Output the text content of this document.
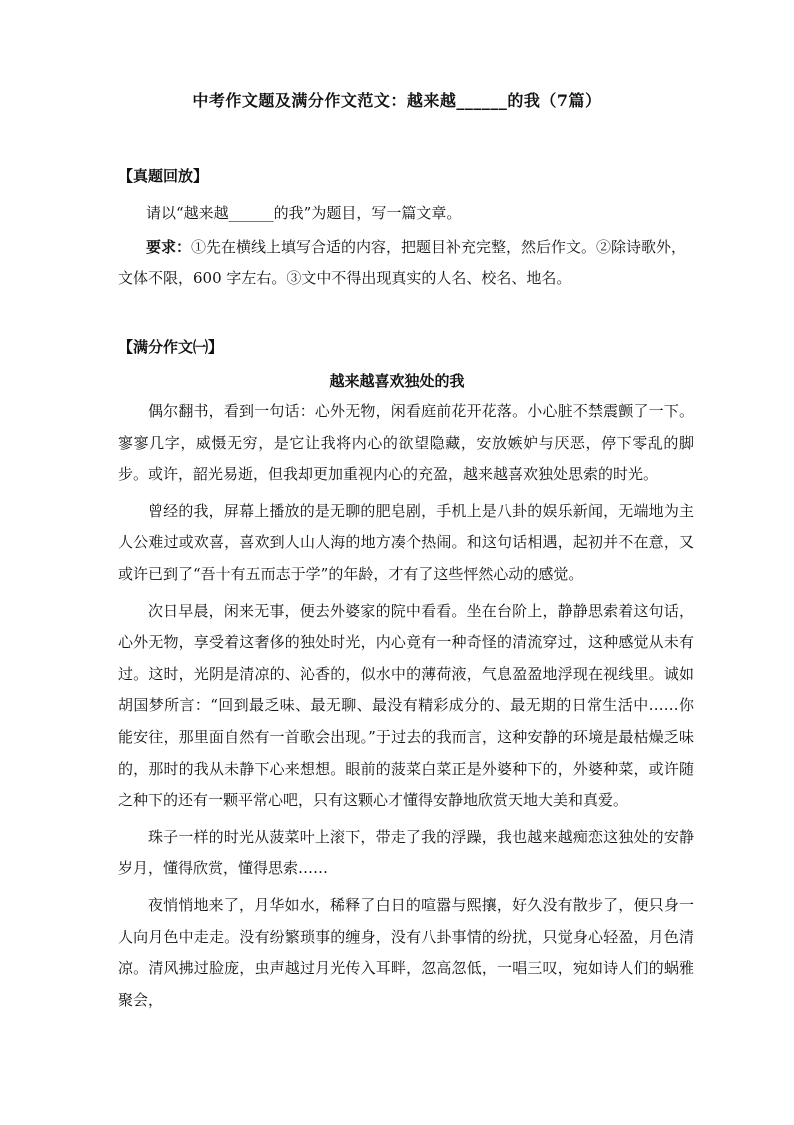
中考作文题及满分作文范文：越来越______的我（7篇）
【真题回放】
请以“越来越______的我”为题目，写一篇文章。
要求：①先在横线上填写合适的内容，把题目补充完整，然后作文。②除诗歌外，文体不限，600 字左右。③文中不得出现真实的人名、校名、地名。
【满分作文㈠】
越来越喜欢独处的我

偶尔翻书，看到一句话：心外无物，闲看庭前花开花落。小心脏不禁震颤了一下。寥寥几字，威慑无穷，是它让我将内心的欲望隐藏，安放嫉妒与厌恶，停下零乱的脚步。或许，韶光易逝，但我却更加重视内心的充盈，越来越喜欢独处思索的时光。

曾经的我，屏幕上播放的是无聊的肥皂剧，手机上是八卦的娱乐新闻，无端地为主人公难过或欢喜，喜欢到人山人海的地方凑个热闹。和这句话相遇，起初并不在意，又或许已到了“吾十有五而志于学”的年龄，才有了这些怦然心动的感觉。

次日早晨，闲来无事，便去外婆家的院中看看。坐在台阶上，静静思索着这句话，心外无物，享受着这奢侈的独处时光，内心竟有一种奇怪的清流穿过，这种感觉从未有过。这时，光阴是清凉的、沁香的，似水中的薄荷液，气息盈盈地浮现在视线里。诚如胡国梦所言：“回到最乏味、最无聊、最没有精彩成分的、最无期的日常生活中……你能安往，那里面自然有一首歌会出现。”于过去的我而言，这种安静的环境是最枯燥乏味的，那时的我从未静下心来想想。眼前的菠菜白菜正是外婆种下的，外婆种菜，或许随之种下的还有一颗平常心吧，只有这颗心才懂得安静地欣赏天地大美和真爱。

珠子一样的时光从菠菜叶上滚下，带走了我的浮躁，我也越来越痴恋这独处的安静岁月，懂得欣赏，懂得思索……

夜悄悄地来了，月华如水，稀释了白日的喧嚣与熙攘，好久没有散步了，便只身一人向月色中走走。没有纷繁琐事的缠身，没有八卦事情的纷扰，只觉身心轻盈，月色清凉。清风拂过脸庞，虫声越过月光传入耳畔，忽高忽低，一唱三叹，宛如诗人们的蜗雅聚会，
